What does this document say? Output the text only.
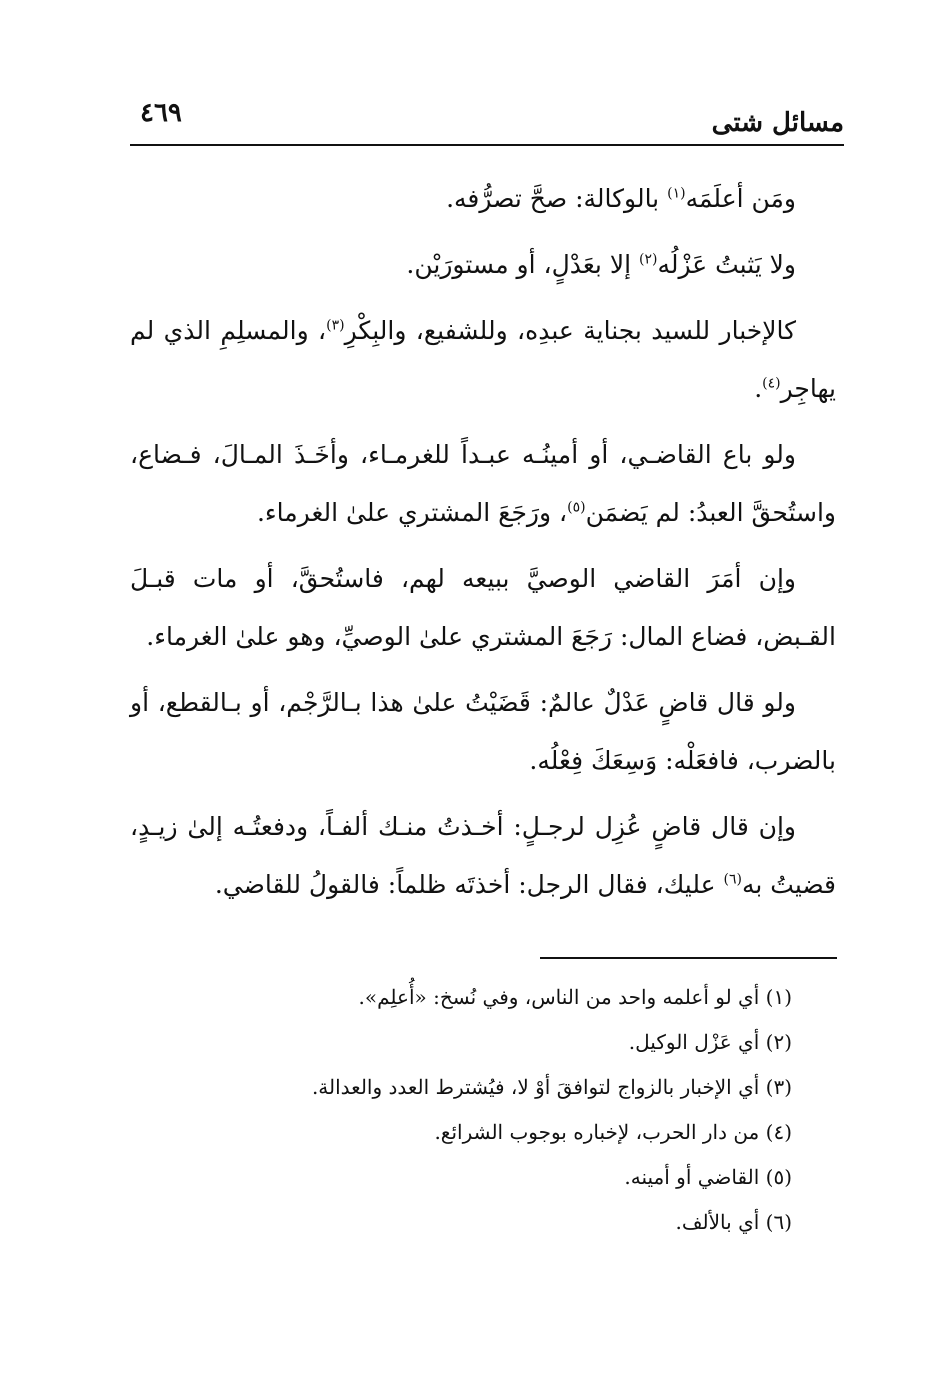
مسائل شتى
٤٦٩

ومَن أعلَمَه$^{(١)}$ بالوكالة: صحَّ تصرُّفه.

ولا يَثبتُ عَزْلُه$^{(٢)}$ إلا بعَدْلٍ، أو مستورَيْن.

كالإخبار للسيد بجناية عبدِه، وللشفيع، والبِكْرِ$^{(٣)}$، والمسلِمِ الذي لم يهاجِر$^{(٤)}$.

ولو باع القاضـي، أو أمينُـه عبـداً للغرمـاء، وأخَـذَ المـالَ، فـضاع، واستُحقَّ العبدُ: لم يَضمَن$^{(٥)}$، ورَجَعَ المشتري علىٰ الغرماء.

وإن أمَرَ القاضي الوصيَّ ببيعه لهم، فاستُحقَّ، أو مات قبـلَ القـبض، فضاع المال: رَجَعَ المشتري علىٰ الوصيِّ، وهو علىٰ الغرماء.

ولو قال قاضٍ عَدْلٌ عالمٌ: قَضَيْتُ علىٰ هذا بـالرَّجْم، أو بـالقطع، أو بالضرب، فافعَلْه: وَسِعَكَ فِعْلُه.

وإن قال قاضٍ عُزِل لرجـلٍ: أخـذتُ منـك ألفـاً، ودفعتُـه إلىٰ زيـدٍ، قضيتُ به$^{(٦)}$ عليك، فقال الرجل: أخذتَه ظلماً: فالقولُ للقاضي.

(١) أي لو أعلمه واحد من الناس، وفي نُسخ: «أُعلِم».

(٢) أي عَزْل الوكيل.

(٣) أي الإخبار بالزواج لتوافقَ أوْ لا، فيُشترط العدد والعدالة.

(٤) من دار الحرب، لإخباره بوجوب الشرائع.

(٥) القاضي أو أمينه.

(٦) أي بالألف.
